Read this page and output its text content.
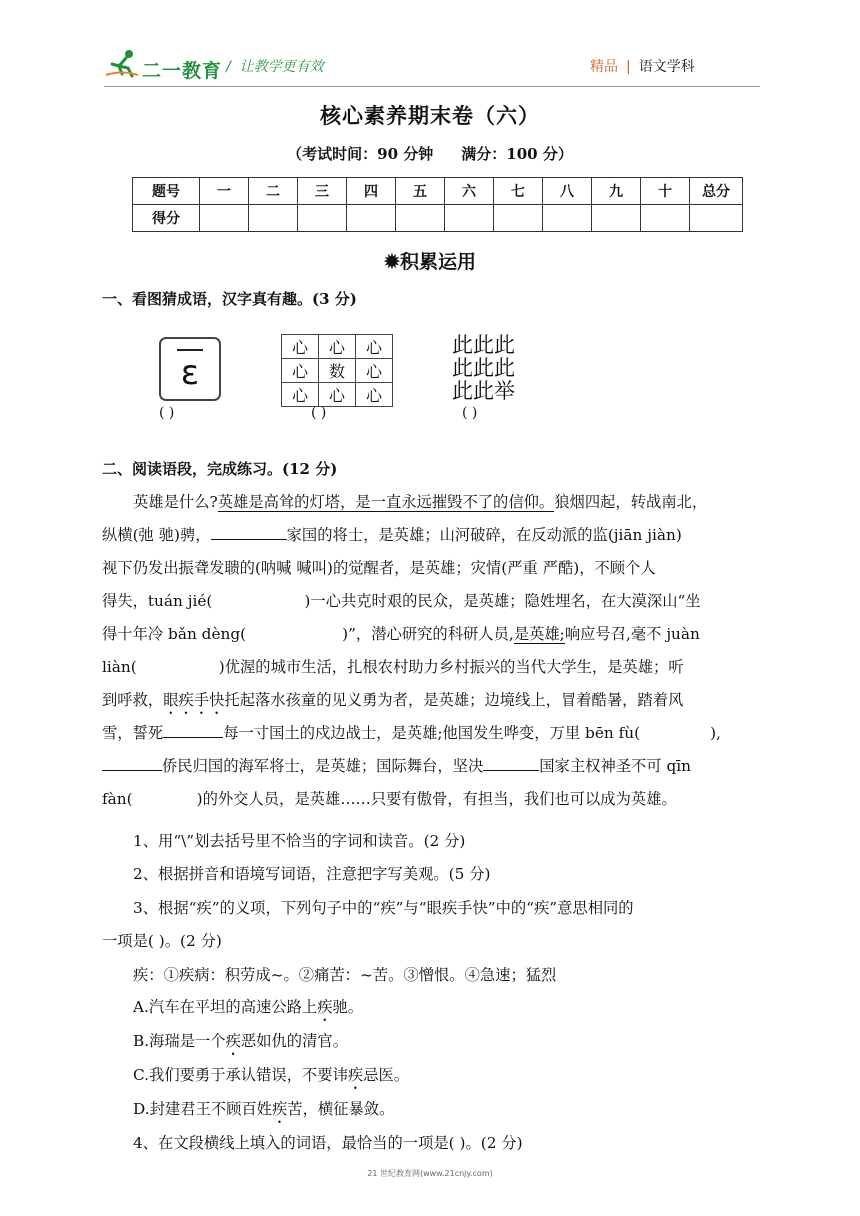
二一教育 /  让教学更有效	精品 | 语文学科
核心素养期末卷（六）
（考试时间：90 分钟 满分：100 分）
题号	一	二	三	四	五	六	七	八	九	十	总分
得分											
✹积累运用
一、看图猜成语，汉字真有趣。(3 分)
ε
心	心	心
心	数	心
心	心	心
此此此
此此此
此此举
( )	( )	( )
二、阅读语段，完成练习。(12 分)
英雄是什么?英雄是高耸的灯塔，是一直永远摧毁不了的信仰。狼烟四起，转战南北，
纵横(弛 驰)骋，	家国的将士，是英雄；山河破碎，在反动派的监(jiān jiàn)
视下仍发出振聋发聩的(呐喊 喊叫)的觉醒者，是英雄；灾情(严重 严酷)，不顾个人
得失，tuán jié(	)一心共克时艰的民众，是英雄；隐姓埋名，在大漠深山“坐
得十年冷 bǎn dèng(	)”，潜心研究的科研人员,是英雄;响应号召,毫不 juàn
liàn(	)优渥的城市生活，扎根农村助力乡村振兴的当代大学生，是英雄；听
到呼救，眼疾手快托起落水孩童的见义勇为者，是英雄；边境线上，冒着酷暑，踏着风
雪，誓死	每一寸国土的戍边战士，是英雄;他国发生哗变，万里 bēn fù(	),
侨民归国的海军将士，是英雄；国际舞台，坚决	国家主权神圣不可 qīn
fàn(	)的外交人员，是英雄……只要有傲骨，有担当，我们也可以成为英雄。
1、用“\”划去括号里不恰当的字词和读音。(2 分)
2、根据拼音和语境写词语，注意把字写美观。(5 分)
3、根据“疾”的义项，下列句子中的“疾”与“眼疾手快”中的“疾”意思相同的
一项是( )。(2 分)
疾：①疾病：积劳成~。②痛苦：~苦。③憎恨。④急速；猛烈
A.汽车在平坦的高速公路上疾驰。
B.海瑞是一个疾恶如仇的清官。
C.我们要勇于承认错误，不要讳疾忌医。
D.封建君王不顾百姓疾苦，横征暴敛。
4、在文段横线上填入的词语，最恰当的一项是( )。(2 分)
21 世纪教育网(www.21cnjy.com)
